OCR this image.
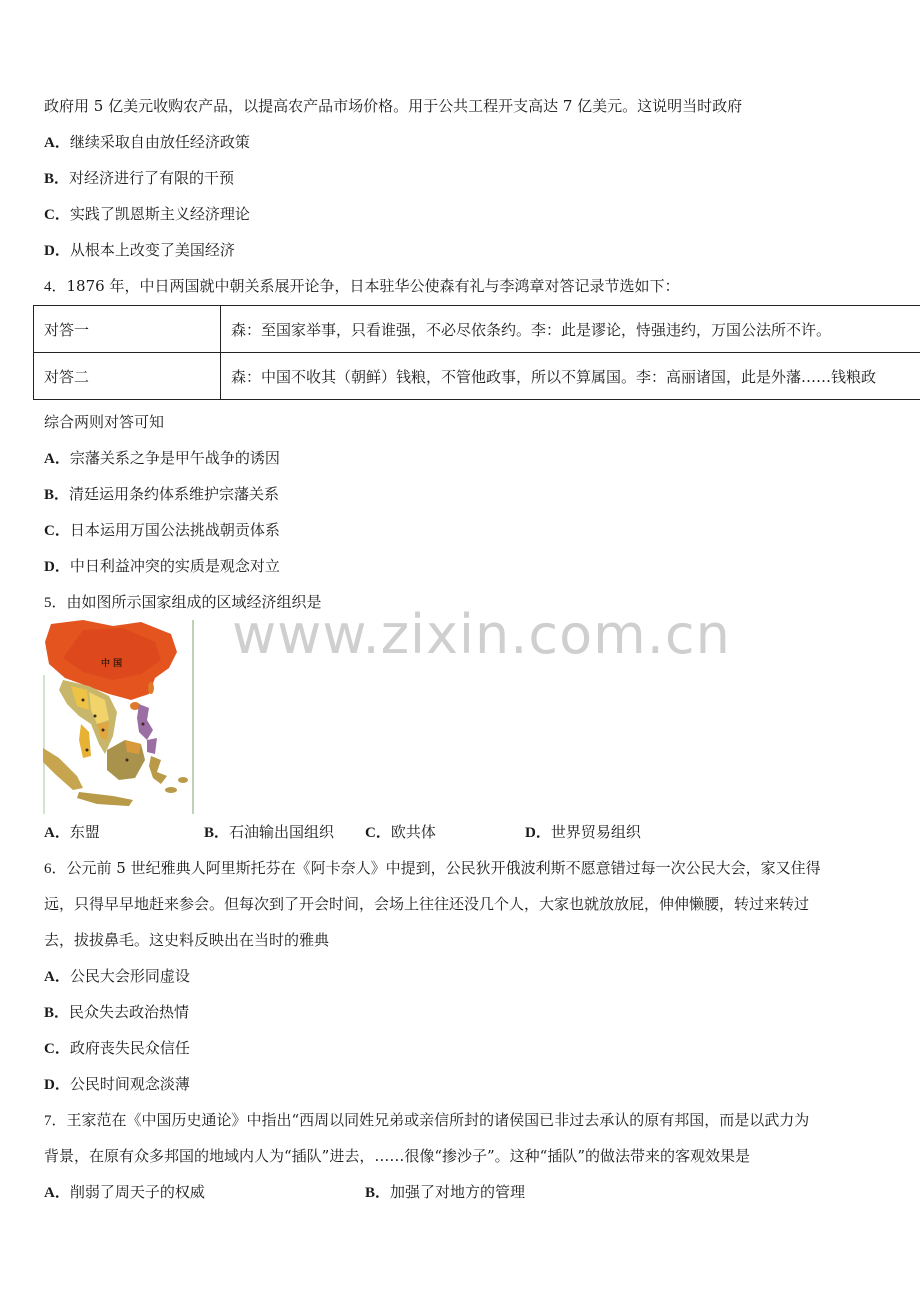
政府用 5 亿美元收购农产品，以提高农产品市场价格。用于公共工程开支高达 7 亿美元。这说明当时政府
A．继续采取自由放任经济政策
B．对经济进行了有限的干预
C．实践了凯恩斯主义经济理论
D．从根本上改变了美国经济
4．1876 年，中日两国就中朝关系展开论争，日本驻华公使森有礼与李鸿章对答记录节选如下：
对答一	森：至国家举事，只看谁强，不必尽依条约。李：此是谬论，恃强违约，万国公法所不许。
对答二	森：中国不收其（朝鲜）钱粮，不管他政事，所以不算属国。李：高丽诸国，此是外藩……钱粮政
综合两则对答可知
A．宗藩关系之争是甲午战争的诱因
B．清廷运用条约体系维护宗藩关系
C．日本运用万国公法挑战朝贡体系
D．中日利益冲突的实质是观念对立
5．由如图所示国家组成的区域经济组织是
www.zixin.com.cn
中 国
A．东盟	B．石油输出国组织 C．欧共体	D．世界贸易组织
6．公元前 5 世纪雅典人阿里斯托芬在《阿卡奈人》中提到，公民狄开俄波利斯不愿意错过每一次公民大会，家又住得
远，只得早早地赶来参会。但每次到了开会时间，会场上往往还没几个人，大家也就放放屁，伸伸懒腰，转过来转过
去，拔拔鼻毛。这史料反映出在当时的雅典
A．公民大会形同虚设
B．民众失去政治热情
C．政府丧失民众信任
D．公民时间观念淡薄
7．王家范在《中国历史通论》中指出“西周以同姓兄弟或亲信所封的诸侯国已非过去承认的原有邦国，而是以武力为
背景，在原有众多邦国的地域内人为“插队”进去，……很像“掺沙子”。这种“插队”的做法带来的客观效果是
A．削弱了周天子的权威	B．加强了对地方的管理
